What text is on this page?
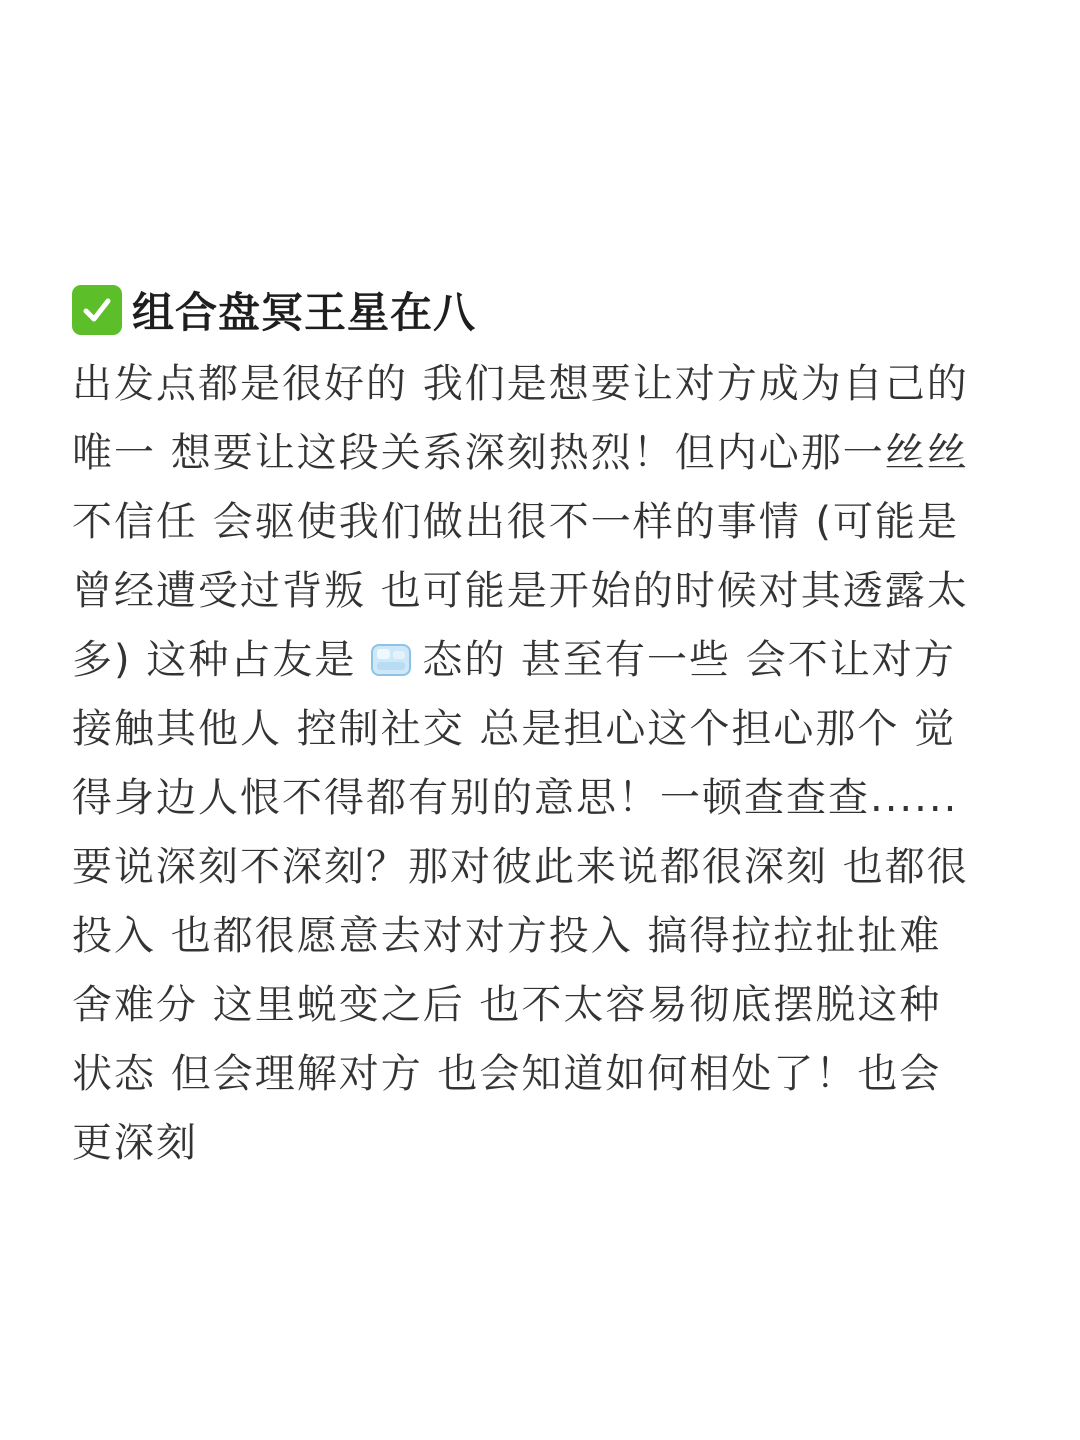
组合盘冥王星在八
出发点都是很好的 我们是想要让对方成为自己的
唯一 想要让这段关系深刻热烈！但内心那一丝丝
不信任 会驱使我们做出很不一样的事情 (可能是
曾经遭受过背叛 也可能是开始的时候对其透露太
多) 这种占友是 态的 甚至有一些 会不让对方
接触其他人 控制社交 总是担心这个担心那个 觉
得身边人恨不得都有别的意思！一顿查查查......
要说深刻不深刻？那对彼此来说都很深刻 也都很
投入 也都很愿意去对对方投入 搞得拉拉扯扯难
舍难分 这里蜕变之后 也不太容易彻底摆脱这种
状态 但会理解对方 也会知道如何相处了！也会
更深刻
